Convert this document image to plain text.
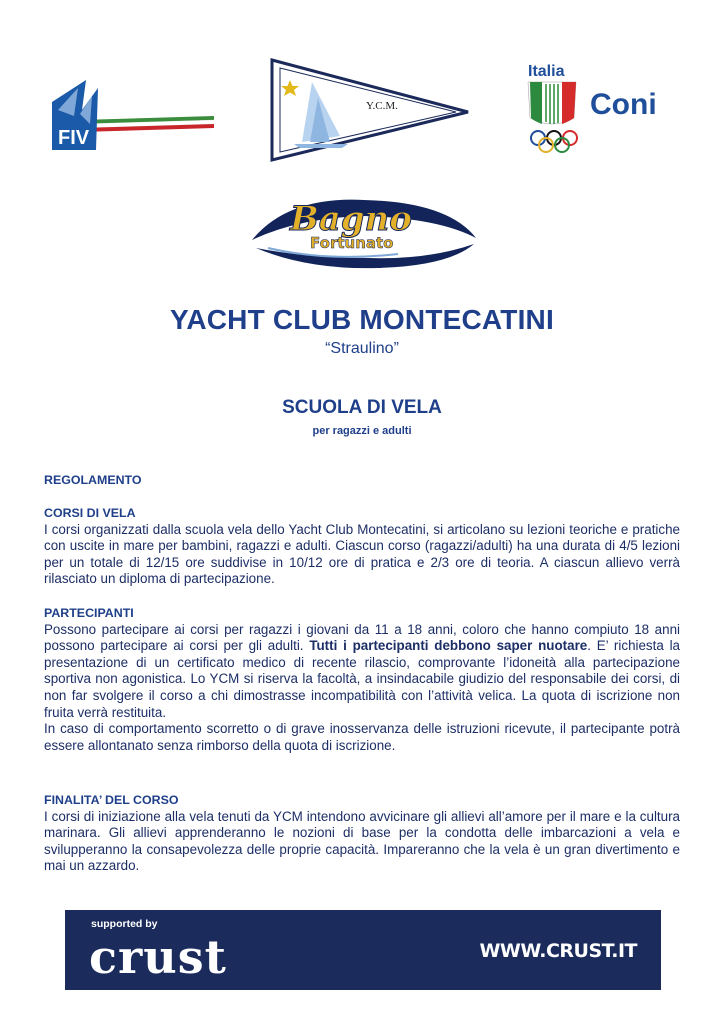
FIV
Y.C.M.
Italia
Coni
Bagno
Fortunato
YACHT CLUB MONTECATINI
“Straulino”
SCUOLA DI VELA
per ragazzi e adulti

REGOLAMENTO

CORSI DI VELA

I corsi organizzati dalla scuola vela dello Yacht Club Montecatini, si articolano su lezioni teoriche e pratiche con uscite in mare per bambini, ragazzi e adulti. Ciascun corso (ragazzi/adulti) ha una durata di 4/5 lezioni per un totale di 12/15 ore suddivise in 10/12 ore di pratica e 2/3 ore di teoria. A ciascun allievo verrà rilasciato un diploma di partecipazione.

PARTECIPANTI

Possono partecipare ai corsi per ragazzi i giovani da 11 a 18 anni, coloro che hanno compiuto 18 anni possono partecipare ai corsi per gli adulti. Tutti i partecipanti debbono saper nuotare. E’ richiesta la presentazione di un certificato medico di recente rilascio, comprovante l’idoneità alla partecipazione sportiva non agonistica. Lo YCM si riserva la facoltà, a insindacabile giudizio del responsabile dei corsi, di non far svolgere il corso a chi dimostrasse incompatibilità con l’attività velica. La quota di iscrizione non fruita verrà restituita.

In caso di comportamento scorretto o di grave inosservanza delle istruzioni ricevute, il partecipante potrà essere allontanato senza rimborso della quota di iscrizione.

FINALITA’ DEL CORSO

I corsi di iniziazione alla vela tenuti da YCM intendono avvicinare gli allievi all’amore per il mare e la cultura marinara. Gli allievi apprenderanno le nozioni di base per la condotta delle imbarcazioni a vela e svilupperanno la consapevolezza delle proprie capacità. Impareranno che la vela è un gran divertimento e mai un azzardo.

supported by
crust	WWW.CRUST.IT
